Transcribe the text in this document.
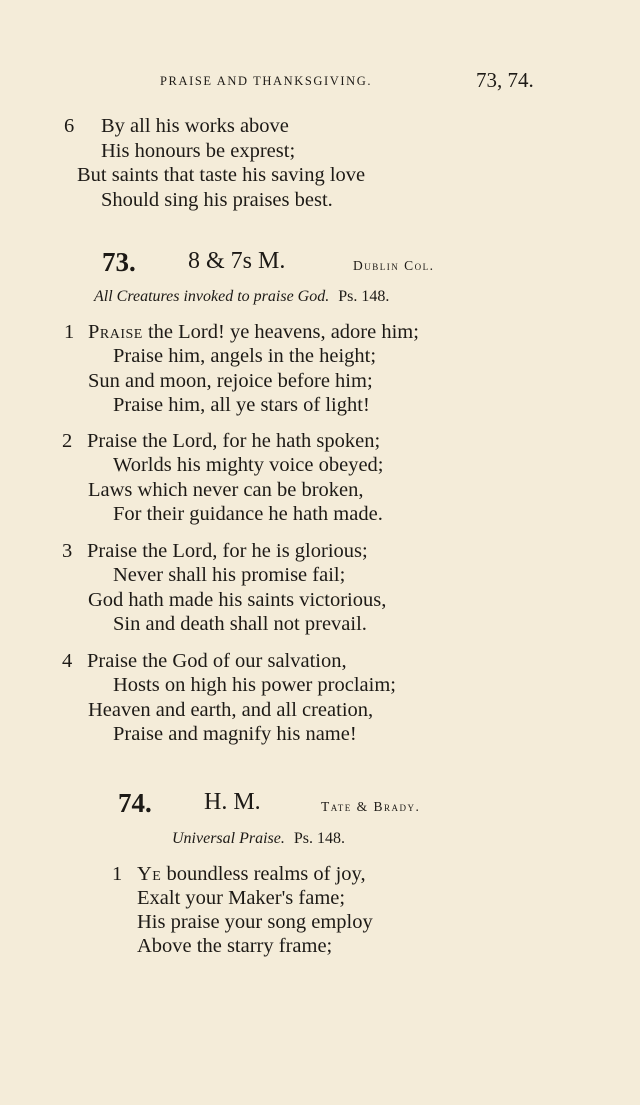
PRAISE AND THANKSGIVING.	73, 74.
6 By all his works above
His honours be exprest;
But saints that taste his saving love
Should sing his praises best.
73. 8 & 7s M.	Dublin Col.
All Creatures invoked to praise God. Ps. 148.
1 Praise the Lord! ye heavens, adore him;
Praise him, angels in the height;
Sun and moon, rejoice before him;
Praise him, all ye stars of light!
2 Praise the Lord, for he hath spoken;
Worlds his mighty voice obeyed;
Laws which never can be broken,
For their guidance he hath made.
3 Praise the Lord, for he is glorious;
Never shall his promise fail;
God hath made his saints victorious,
Sin and death shall not prevail.
4 Praise the God of our salvation,
Hosts on high his power proclaim;
Heaven and earth, and all creation,
Praise and magnify his name!
74. H. M.	Tate & Brady.
Universal Praise. Ps. 148.
1 Ye boundless realms of joy,
Exalt your Maker's fame;
His praise your song employ
Above the starry frame;
